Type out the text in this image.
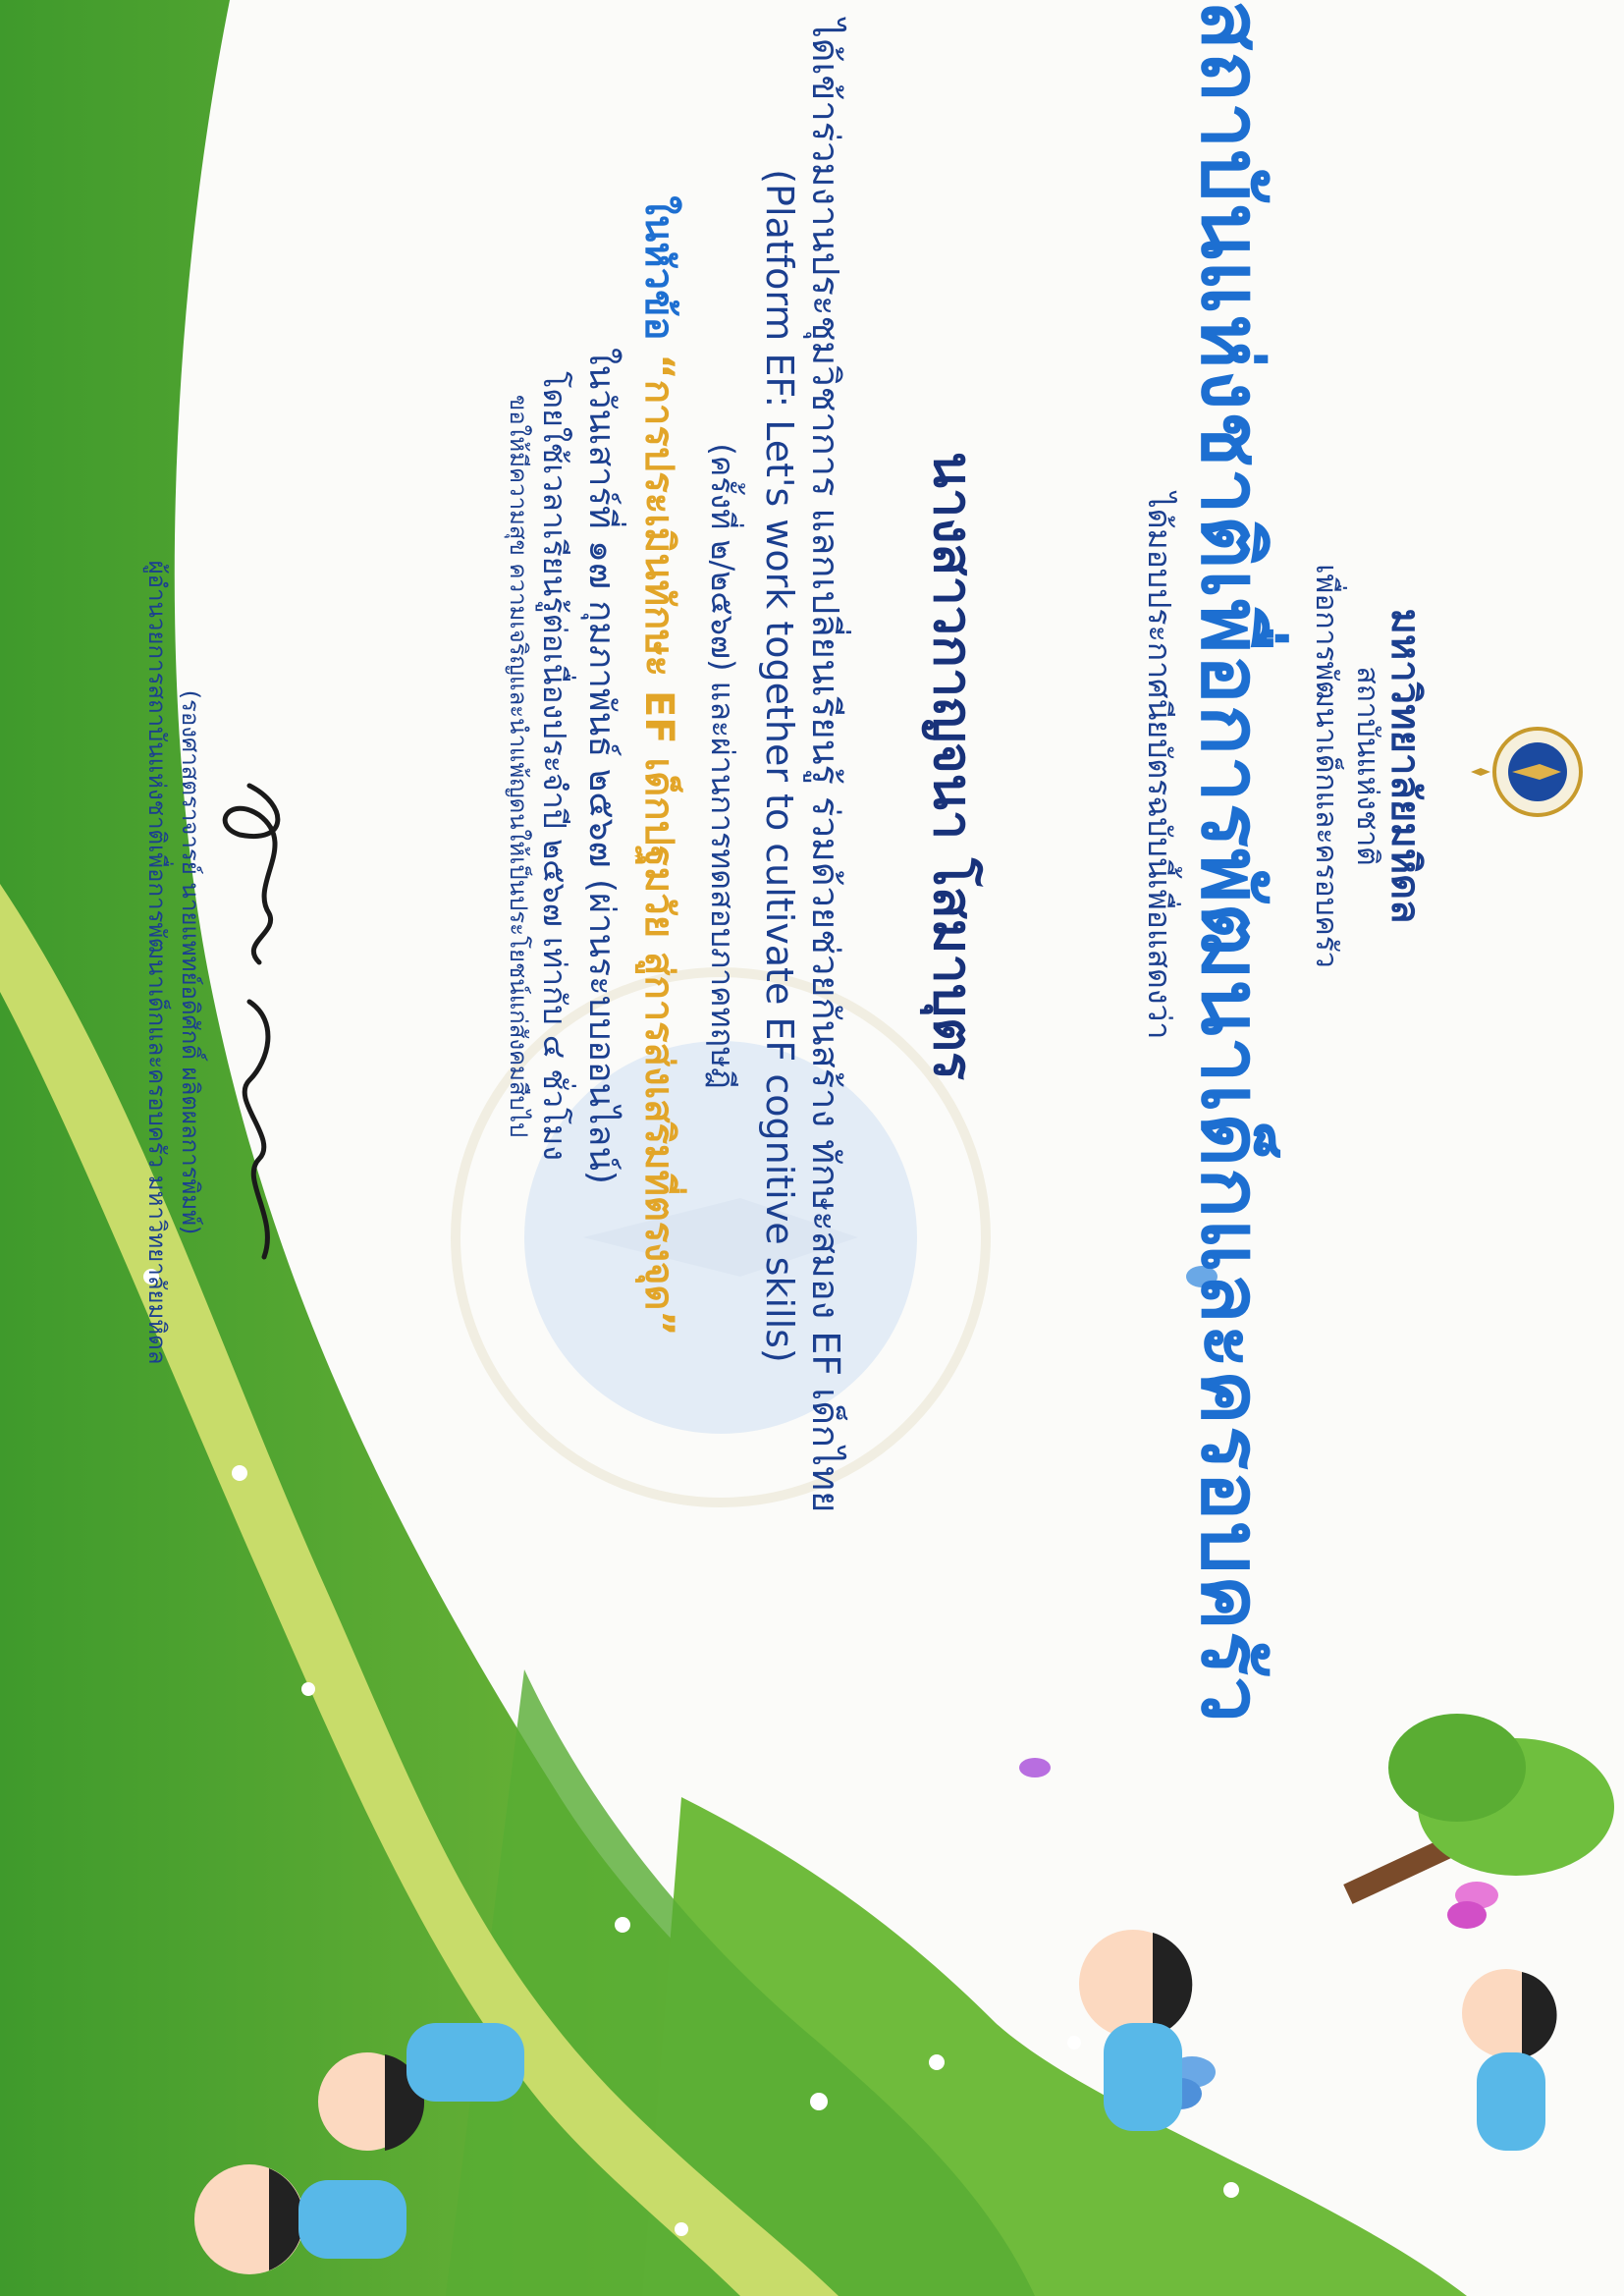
มหาวิทยาลัยมหิดล
สถาบันแห่งชาติ
เพื่อการพัฒนาเด็กและครอบครัว
สถาบันแห่งชาติเพื่อการพัฒนาเด็กและครอบครัว
ได้มอบประกาศนียบัตรฉบับนี้เพื่อแสดงว่า
นางสาวกาญจนา โสมาบุตร
ได้เข้าร่วมงานประชุมวิชาการ แลกเปลี่ยนเรียนรู้ ร่วมด้วยช่วยกันสร้าง ทักษะสมอง EF เด็กไทย
(Platform EF: Let's work together to cultivate EF cognitive skills)
(ครั้งที่ ๒/๒๕๖๗) และผ่านการทดสอบภาคทฤษฎี
ในหัวข้อ “การประเมินทักษะ EF เด็กปฐมวัย สู่การส่งเสริมที่ตรงจุด”
ในวันเสาร์ที่ ๑๗ กุมภาพันธ์ ๒๕๖๗ (ผ่านระบบออนไลน์)
โดยใช้เวลาเรียนรู้ต่อเนื่องประจำปี ๒๕๖๗ เท่ากับ ๔ ชั่วโมง
ขอให้มีความสุข ความเจริญและนำแพ้ญดนให้เป็นประโยชน์แก่สังคมสืบไป
(รองศาสตราจารย์ นายแพทย์อดิศักดิ์ ผลิตผลการพิมพ์)
ผู้อำนวยการสถาบันแห่งชาติเพื่อการพัฒนาเด็กและครอบครัว มหาวิทยาลัยมหิดล
